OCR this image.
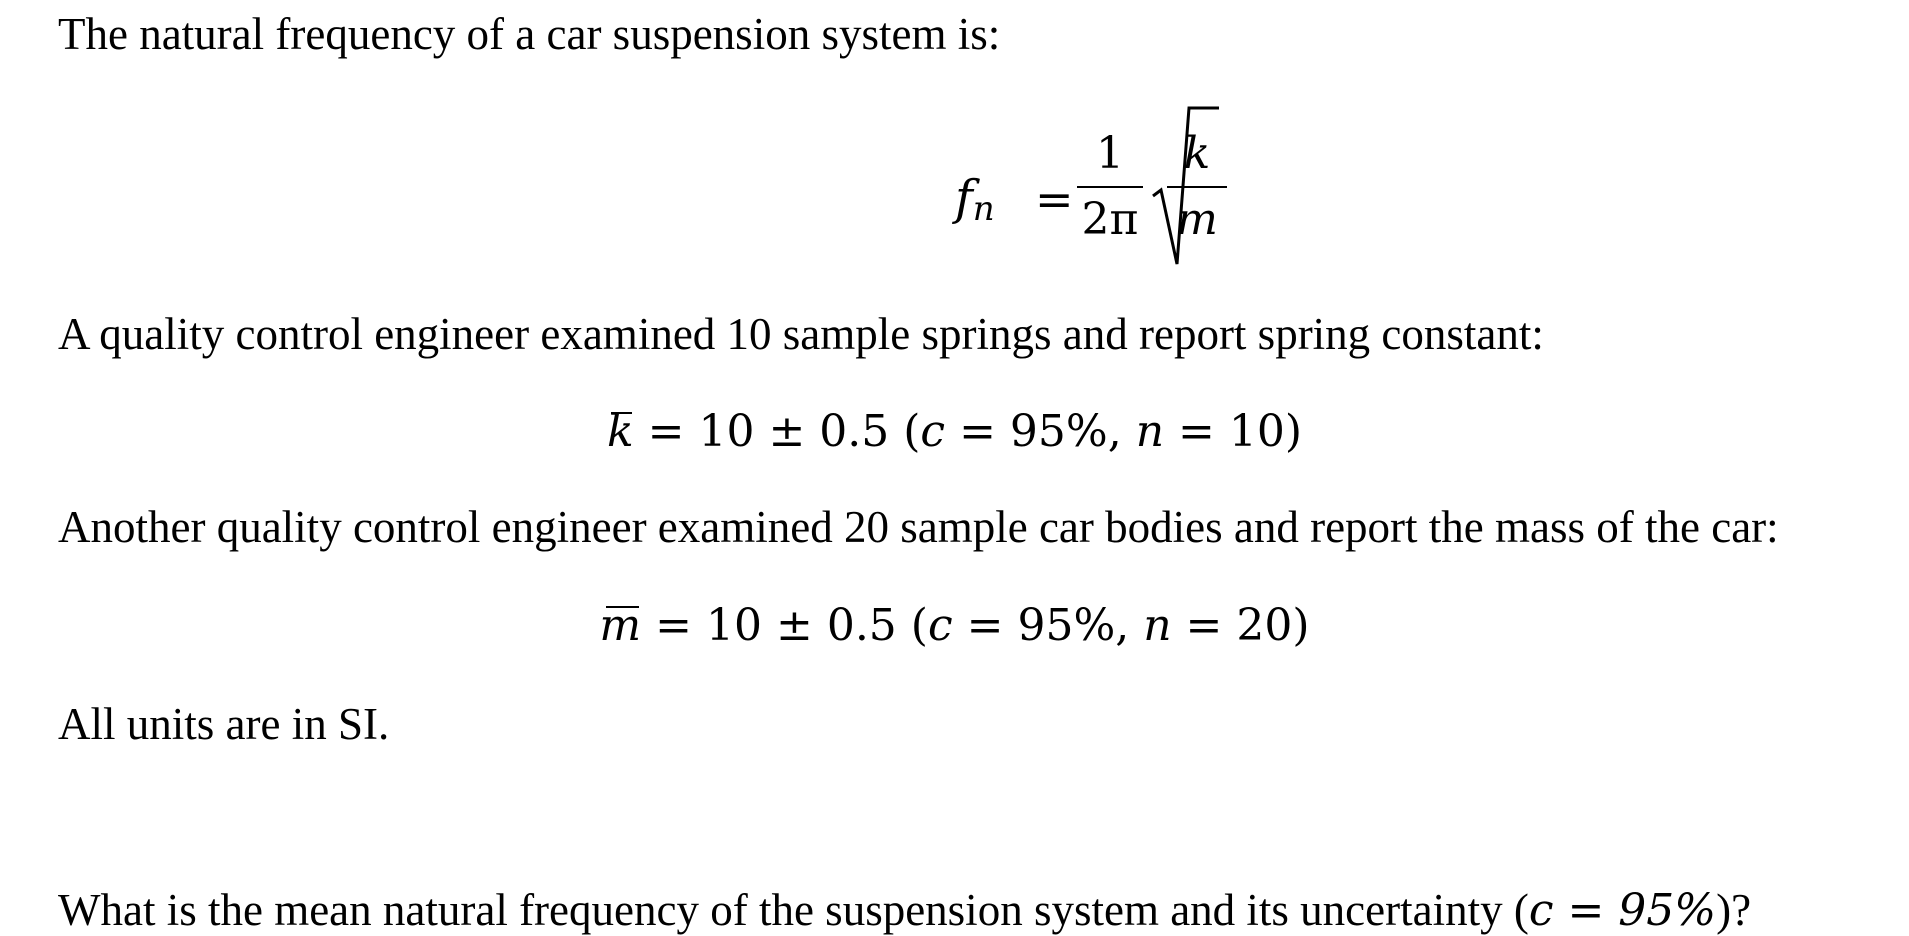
The natural frequency of a car suspension system is:
$f_n$ =
1
2π
k
m
A quality control engineer examined 10 sample springs and report spring constant:
k = 10 ± 0.5 (c = 95%, n = 10)
Another quality control engineer examined 20 sample car bodies and report the mass of the car:
m = 10 ± 0.5 (c = 95%, n = 20)
All units are in SI.
What is the mean natural frequency of the suspension system and its uncertainty (c = 95%)?
